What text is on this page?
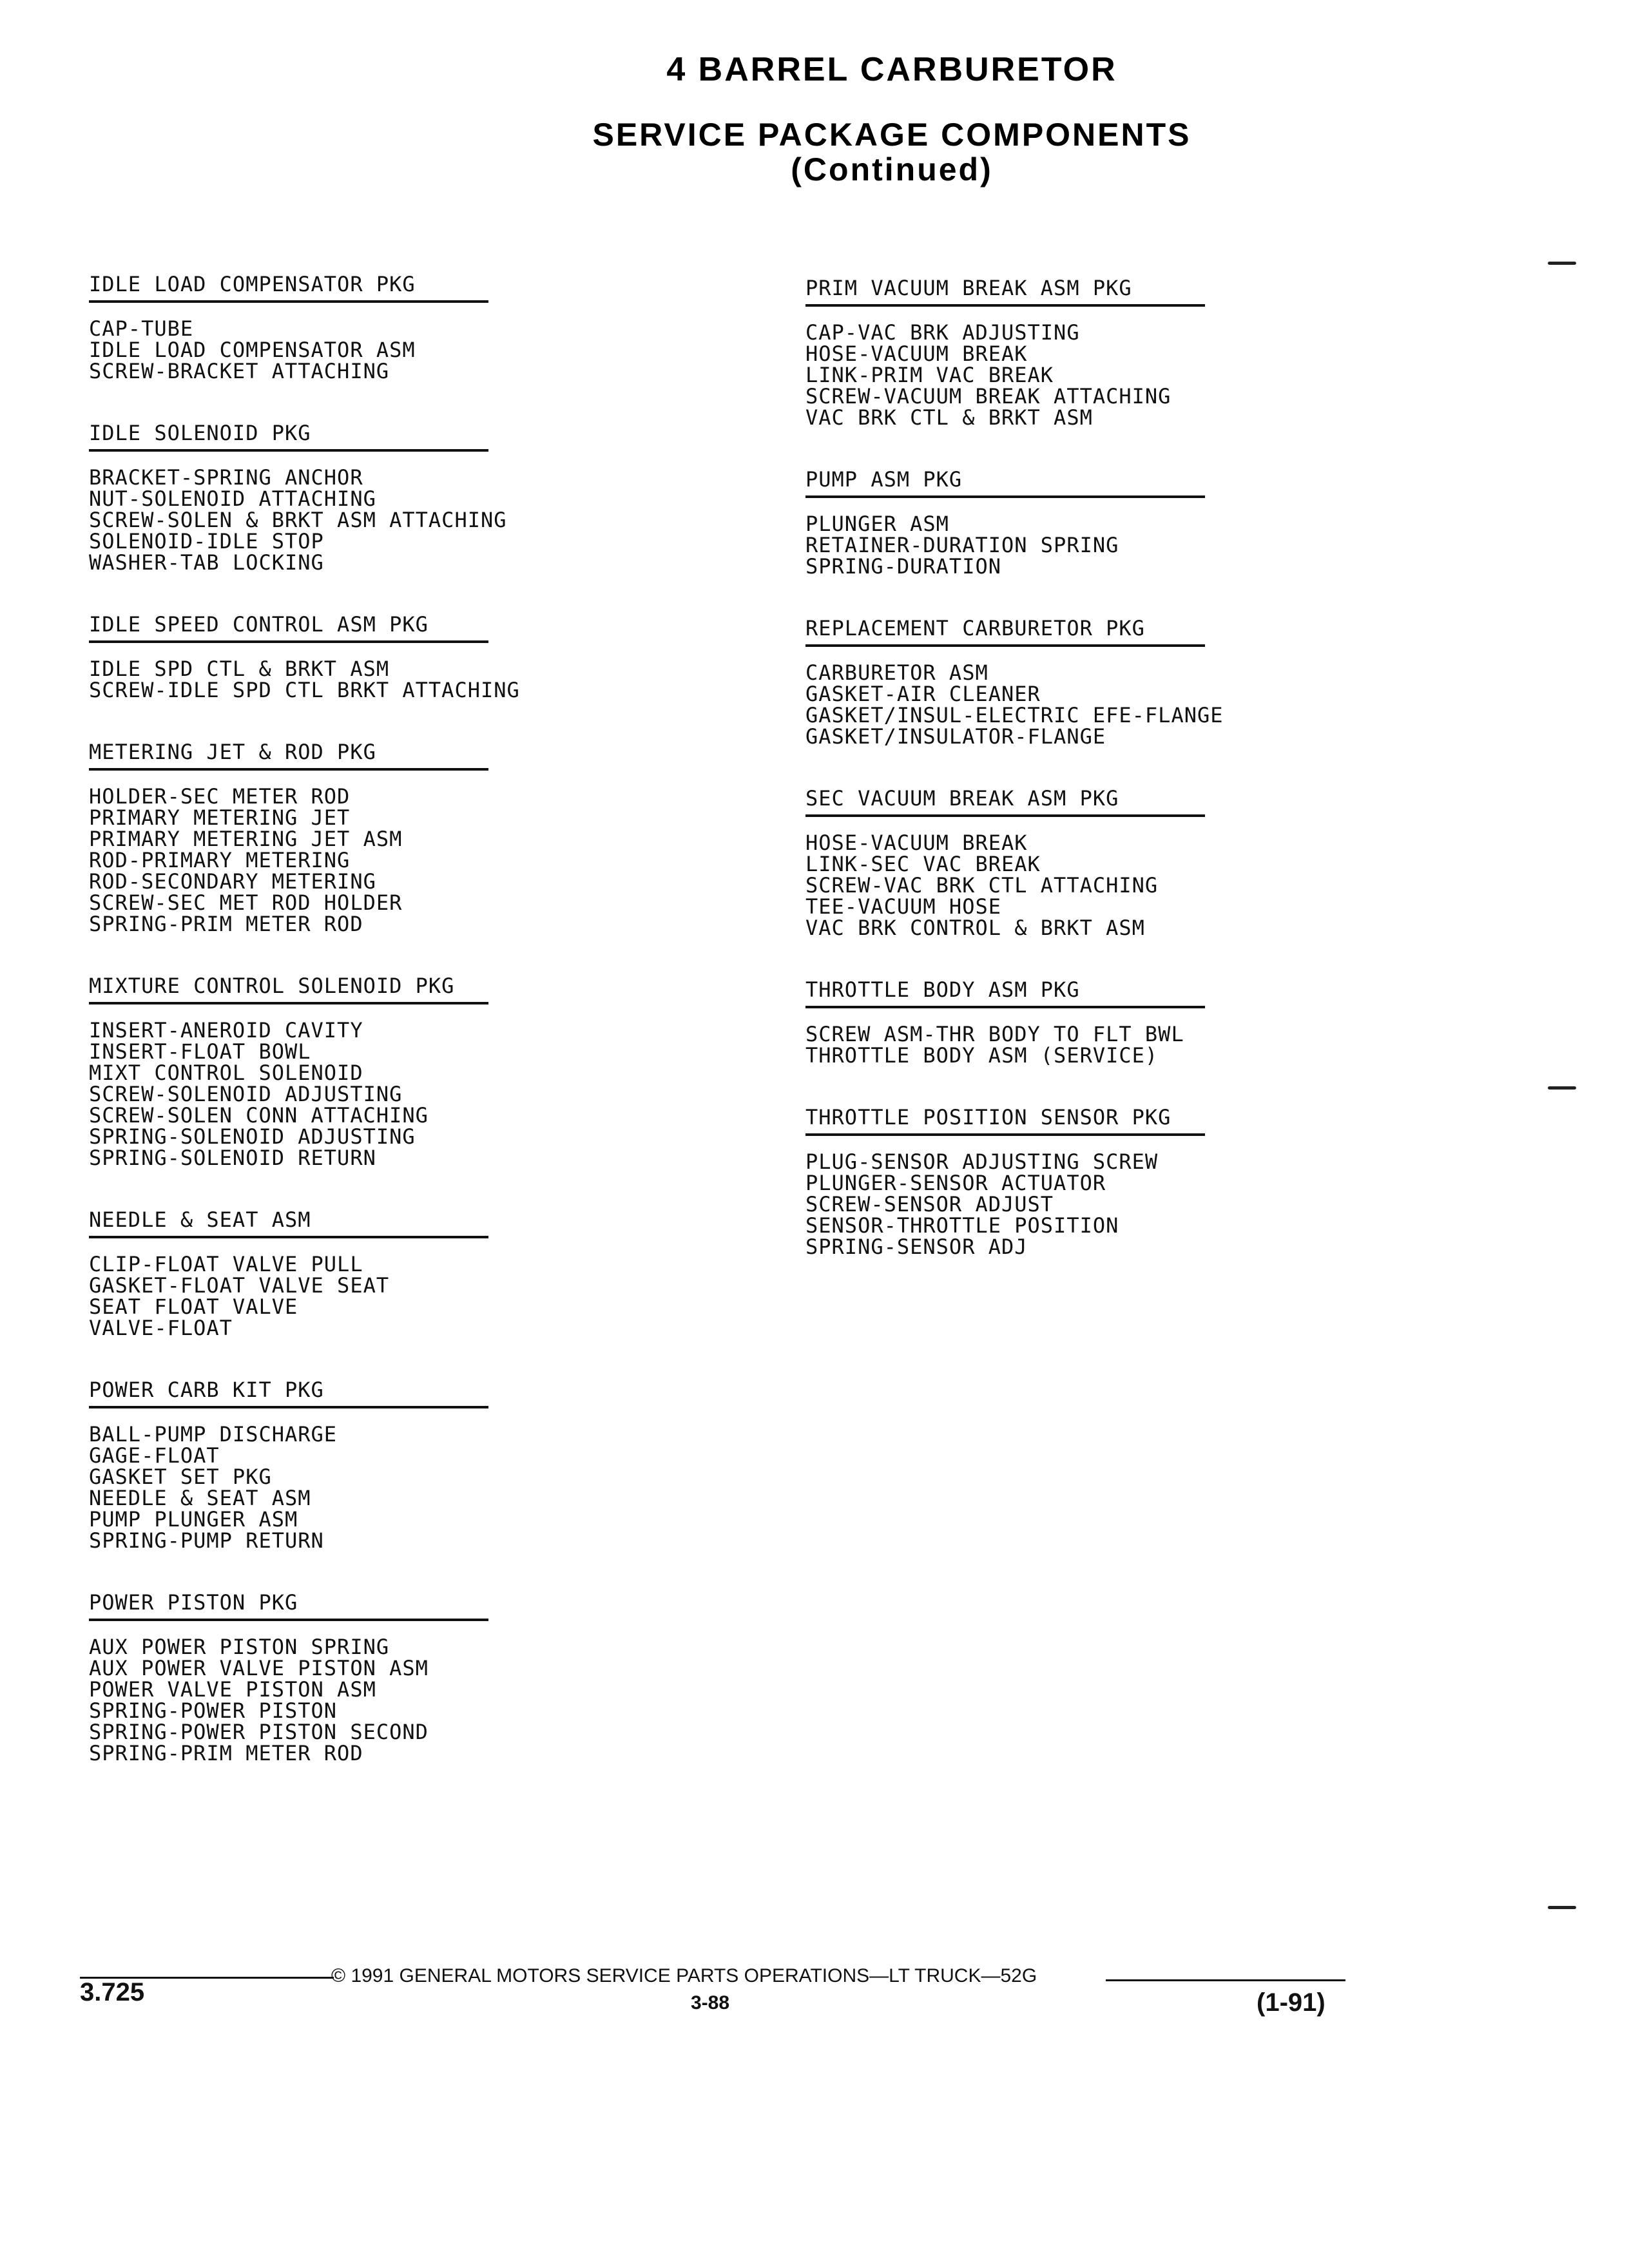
4 BARREL CARBURETOR
SERVICE PACKAGE COMPONENTS
(Continued)
IDLE LOAD COMPENSATOR PKG
CAP-TUBE
IDLE LOAD COMPENSATOR ASM
SCREW-BRACKET ATTACHING
IDLE SOLENOID PKG
BRACKET-SPRING ANCHOR
NUT-SOLENOID ATTACHING
SCREW-SOLEN & BRKT ASM ATTACHING
SOLENOID-IDLE STOP
WASHER-TAB LOCKING
IDLE SPEED CONTROL ASM PKG
IDLE SPD CTL & BRKT ASM
SCREW-IDLE SPD CTL BRKT ATTACHING
METERING JET & ROD PKG
HOLDER-SEC METER ROD
PRIMARY METERING JET
PRIMARY METERING JET ASM
ROD-PRIMARY METERING
ROD-SECONDARY METERING
SCREW-SEC MET ROD HOLDER
SPRING-PRIM METER ROD
MIXTURE CONTROL SOLENOID PKG
INSERT-ANEROID CAVITY
INSERT-FLOAT BOWL
MIXT CONTROL SOLENOID
SCREW-SOLENOID ADJUSTING
SCREW-SOLEN CONN ATTACHING
SPRING-SOLENOID ADJUSTING
SPRING-SOLENOID RETURN
NEEDLE & SEAT ASM
CLIP-FLOAT VALVE PULL
GASKET-FLOAT VALVE SEAT
SEAT FLOAT VALVE
VALVE-FLOAT
POWER CARB KIT PKG
BALL-PUMP DISCHARGE
GAGE-FLOAT
GASKET SET PKG
NEEDLE & SEAT ASM
PUMP PLUNGER ASM
SPRING-PUMP RETURN
POWER PISTON PKG
AUX POWER PISTON SPRING
AUX POWER VALVE PISTON ASM
POWER VALVE PISTON ASM
SPRING-POWER PISTON
SPRING-POWER PISTON SECOND
SPRING-PRIM METER ROD
PRIM VACUUM BREAK ASM PKG
CAP-VAC BRK ADJUSTING
HOSE-VACUUM BREAK
LINK-PRIM VAC BREAK
SCREW-VACUUM BREAK ATTACHING
VAC BRK CTL & BRKT ASM
PUMP ASM PKG
PLUNGER ASM
RETAINER-DURATION SPRING
SPRING-DURATION
REPLACEMENT CARBURETOR PKG
CARBURETOR ASM
GASKET-AIR CLEANER
GASKET/INSUL-ELECTRIC EFE-FLANGE
GASKET/INSULATOR-FLANGE
SEC VACUUM BREAK ASM PKG
HOSE-VACUUM BREAK
LINK-SEC VAC BREAK
SCREW-VAC BRK CTL ATTACHING
TEE-VACUUM HOSE
VAC BRK CONTROL & BRKT ASM
THROTTLE BODY ASM PKG
SCREW ASM-THR BODY TO FLT BWL
THROTTLE BODY ASM (SERVICE)
THROTTLE POSITION SENSOR PKG
PLUG-SENSOR ADJUSTING SCREW
PLUNGER-SENSOR ACTUATOR
SCREW-SENSOR ADJUST
SENSOR-THROTTLE POSITION
SPRING-SENSOR ADJ
© 1991 GENERAL MOTORS SERVICE PARTS OPERATIONS—LT TRUCK—52G
3.725	3-88	(1-91)
